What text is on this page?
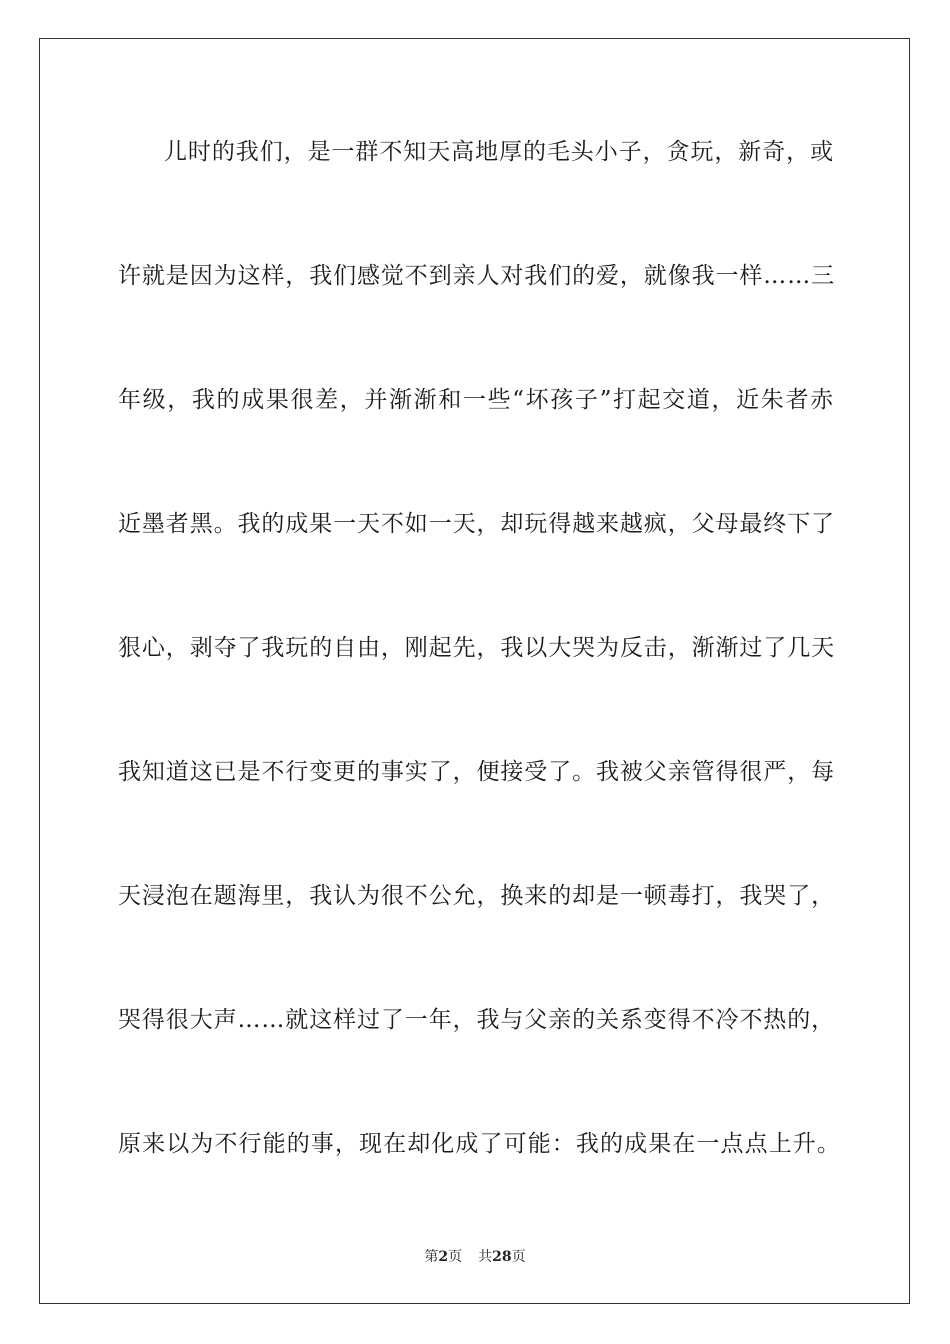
儿时的我们，是一群不知天高地厚的毛头小子，贪玩，新奇，或
许就是因为这样，我们感觉不到亲人对我们的爱，就像我一样……三
年级，我的成果很差，并渐渐和一些“坏孩子”打起交道，近朱者赤
近墨者黑。我的成果一天不如一天，却玩得越来越疯，父母最终下了
狠心，剥夺了我玩的自由，刚起先，我以大哭为反击，渐渐过了几天
我知道这已是不行变更的事实了，便接受了。我被父亲管得很严，每
天浸泡在题海里，我认为很不公允，换来的却是一顿毒打，我哭了，
哭得很大声……就这样过了一年，我与父亲的关系变得不冷不热的，
原来以为不行能的事，现在却化成了可能：我的成果在一点点上升。
第2页 共28页
